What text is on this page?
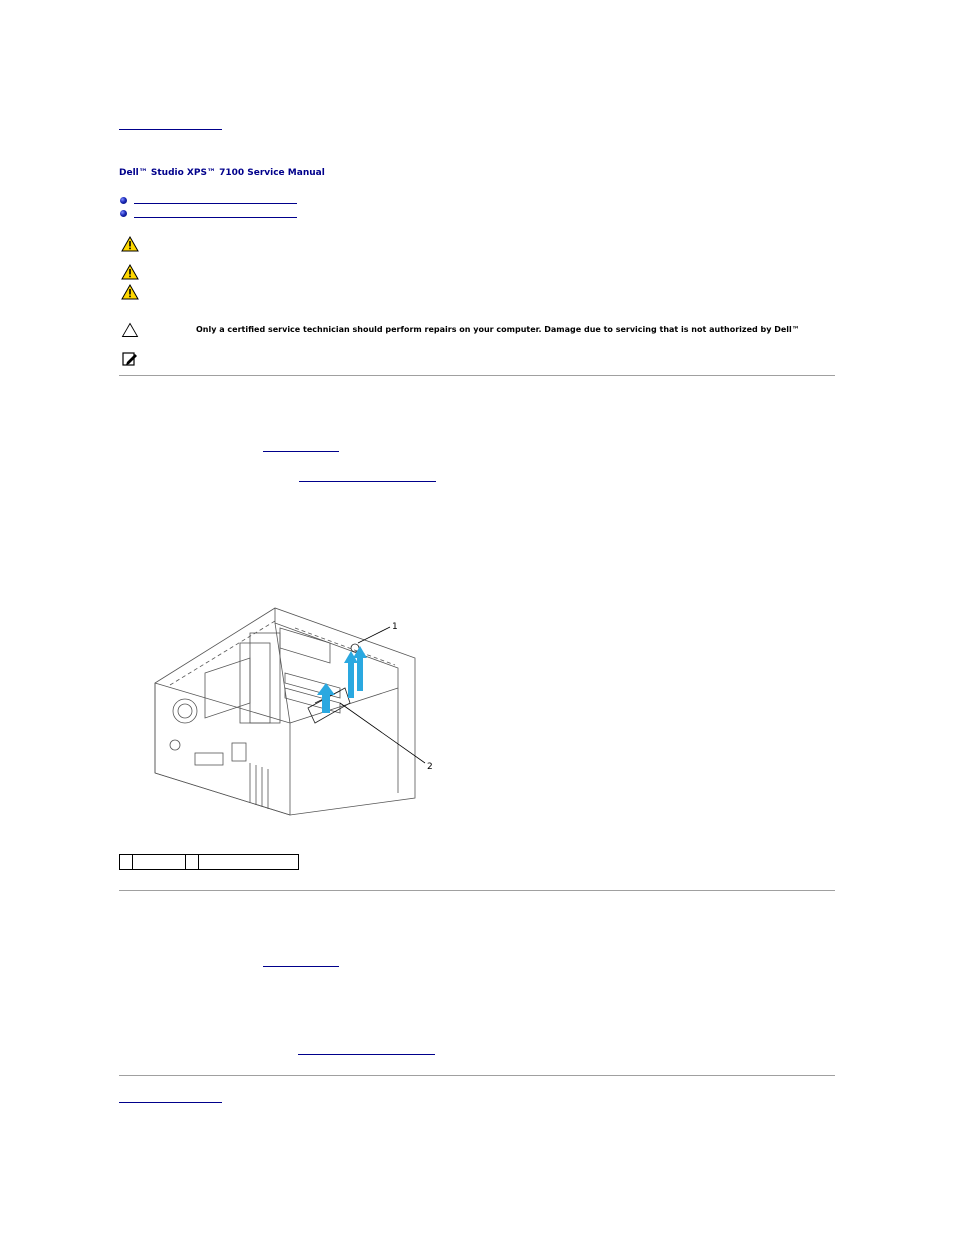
Dell™ Studio XPS™ 7100 Service Manual
Only a certified service technician should perform repairs on your computer. Damage due to servicing that is not authorized by Dell™
1
2
